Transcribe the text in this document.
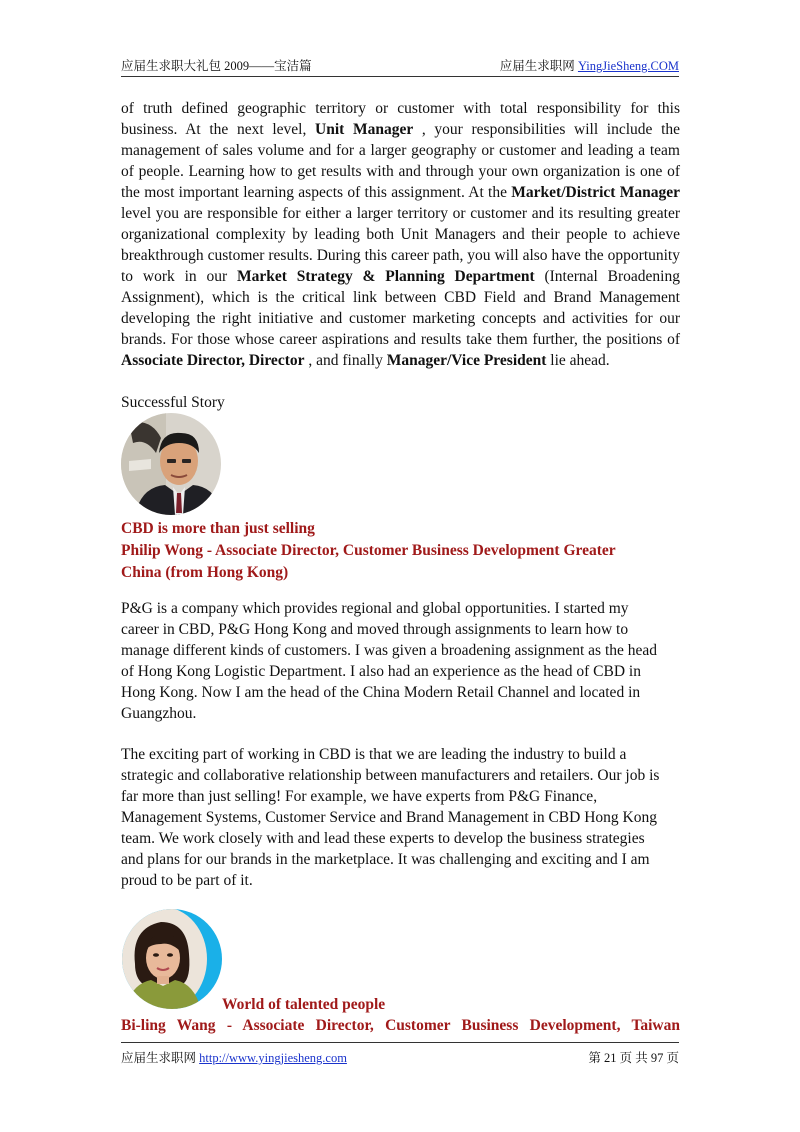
应届生求职大礼包 2009——宝洁篇	应届生求职网 YingJieSheng.COM
of truth defined geographic territory or customer with total responsibility for this business. At the next level, Unit Manager , your responsibilities will include the management of sales volume and for a larger geography or customer and leading a team of people. Learning how to get results with and through your own organization is one of the most important learning aspects of this assignment. At the Market/District Manager level you are responsible for either a larger territory or customer and its resulting greater organizational complexity by leading both Unit Managers and their people to achieve breakthrough customer results. During this career path, you will also have the opportunity to work in our Market Strategy & Planning Department (Internal Broadening Assignment), which is the critical link between CBD Field and Brand Management developing the right initiative and customer marketing concepts and activities for our brands. For those whose career aspirations and results take them further, the positions of Associate Director, Director , and finally Manager/Vice President lie ahead.
Successful Story
CBD is more than just selling
Philip Wong - Associate Director, Customer Business Development Greater
China (from Hong Kong)
P&G is a company which provides regional and global opportunities. I started my career in CBD, P&G Hong Kong and moved through assignments to learn how to manage different kinds of customers. I was given a broadening assignment as the head of Hong Kong Logistic Department. I also had an experience as the head of CBD in Hong Kong. Now I am the head of the China Modern Retail Channel and located in Guangzhou.
The exciting part of working in CBD is that we are leading the industry to build a strategic and collaborative relationship between manufacturers and retailers. Our job is far more than just selling! For example, we have experts from P&G Finance, Management Systems, Customer Service and Brand Management in CBD Hong Kong team. We work closely with and lead these experts to develop the business strategies and plans for our brands in the marketplace. It was challenging and exciting and I am proud to be part of it.
World of talented people
Bi-ling Wang - Associate Director, Customer Business Development, Taiwan
应届生求职网 http://www.yingjiesheng.com	第 21 页 共 97 页
